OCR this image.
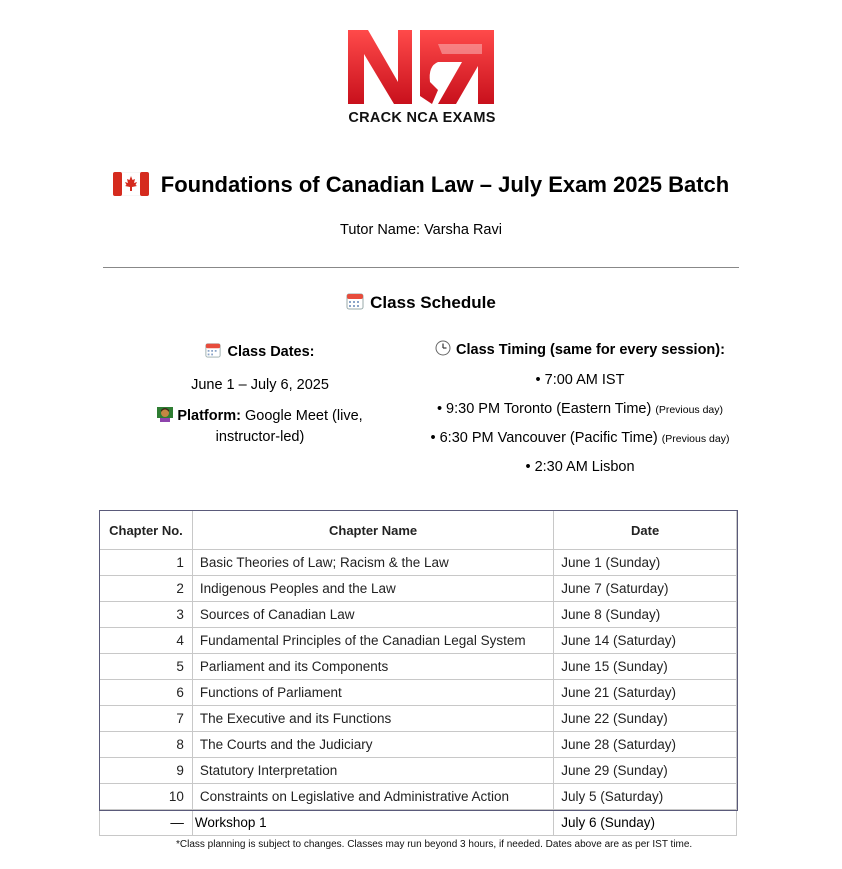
CRACK NCA EXAMS
Foundations of Canadian Law – July Exam 2025 Batch
Tutor Name: Varsha Ravi
Class Schedule
Class Dates:
June 1 – July 6, 2025
Platform: Google Meet (live, instructor-led)
Class Timing (same for every session):
• 7:00 AM IST
• 9:30 PM Toronto (Eastern Time) (Previous day)
• 6:30 PM Vancouver (Pacific Time) (Previous day)
• 2:30 AM Lisbon
Chapter No.	Chapter Name	Date
1	Basic Theories of Law; Racism & the Law	June 1 (Sunday)
2	Indigenous Peoples and the Law	June 7 (Saturday)
3	Sources of Canadian Law	June 8 (Sunday)
4	Fundamental Principles of the Canadian Legal System	June 14 (Saturday)
5	Parliament and its Components	June 15 (Sunday)
6	Functions of Parliament	June 21 (Saturday)
7	The Executive and its Functions	June 22 (Sunday)
8	The Courts and the Judiciary	June 28 (Saturday)
9	Statutory Interpretation	June 29 (Sunday)
10	Constraints on Legislative and Administrative Action	July 5 (Saturday)
—	Workshop 1	July 6 (Sunday)
*Class planning is subject to changes. Classes may run beyond 3 hours, if needed. Dates above are as per IST time.
